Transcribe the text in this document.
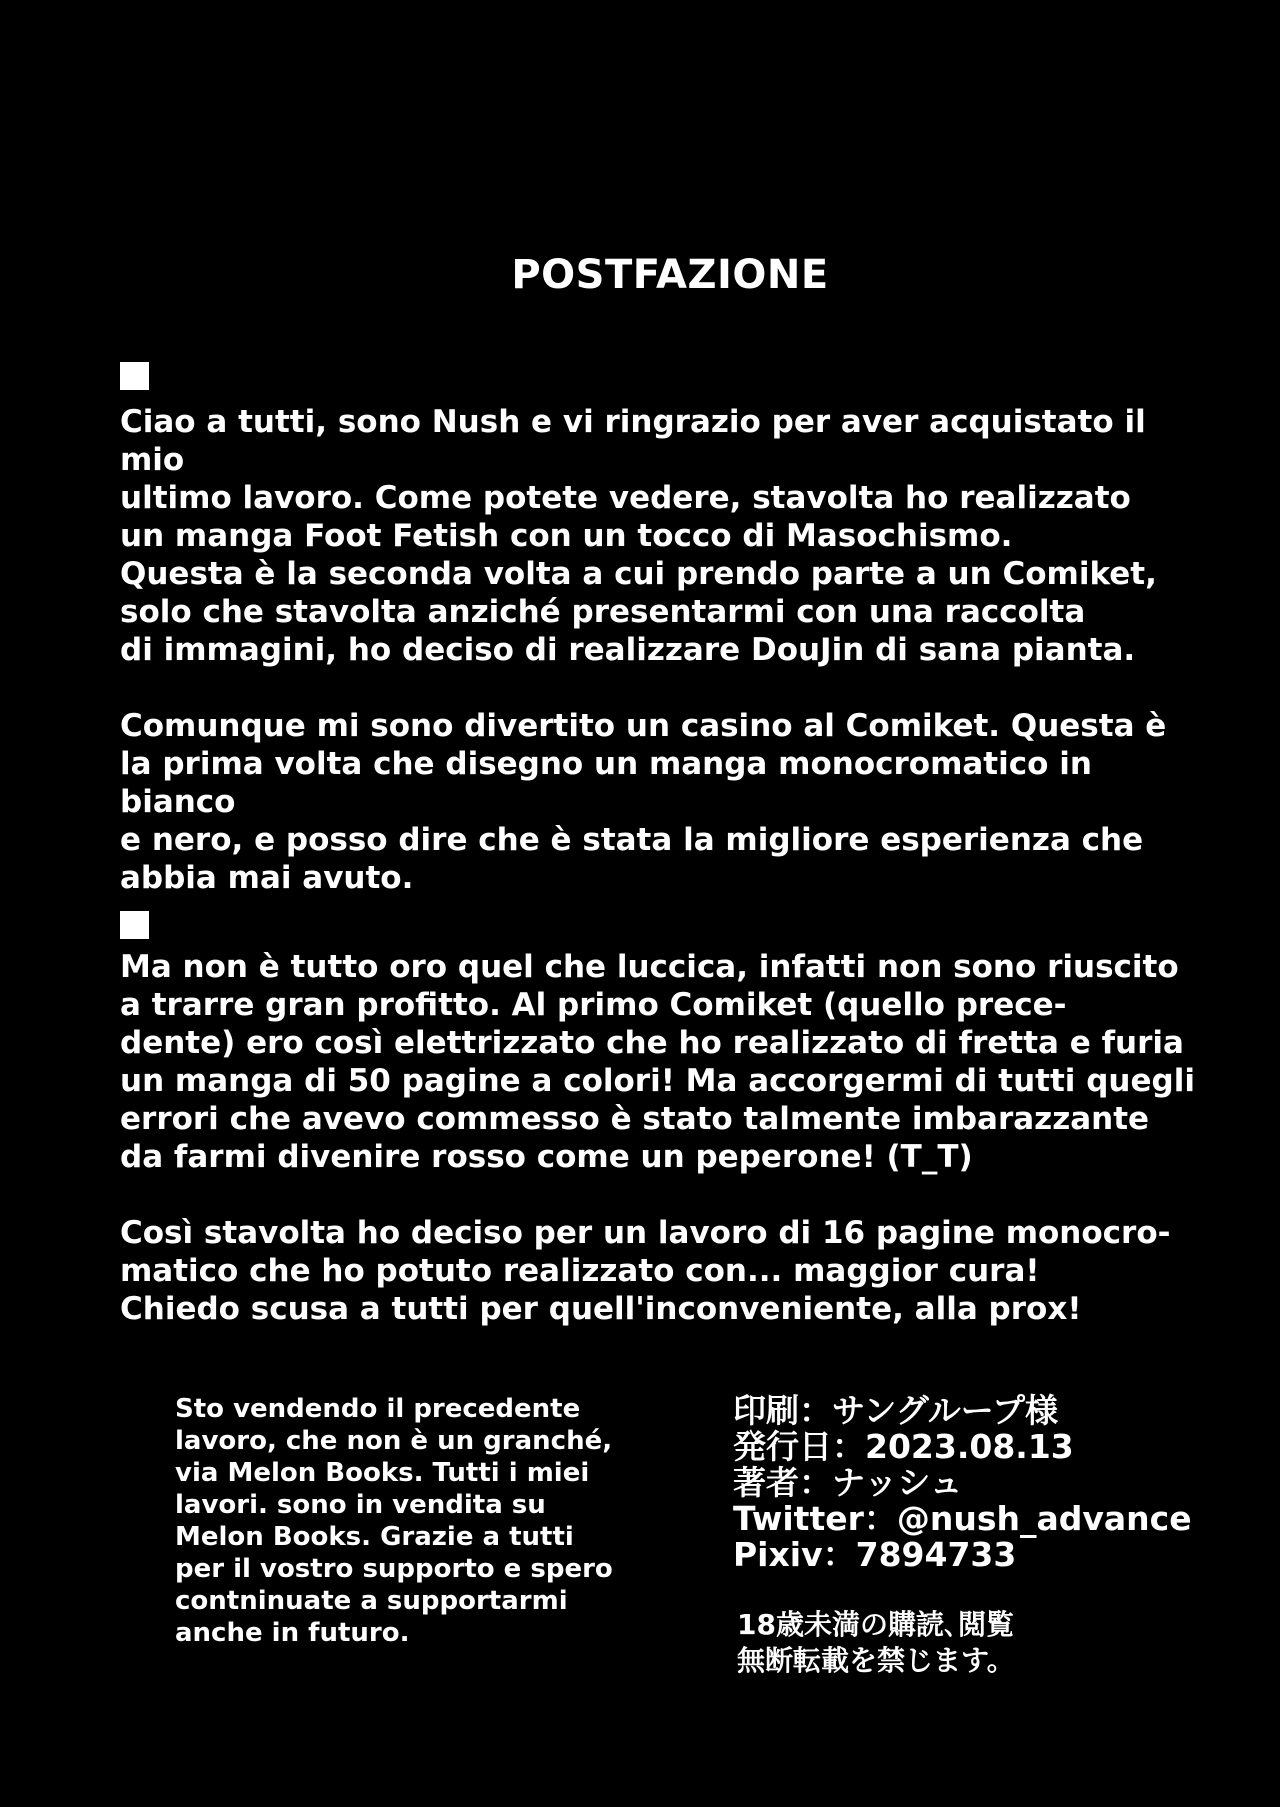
POSTFAZIONE

Ciao a tutti, sono Nush e vi ringrazio per aver acquistato il mio
ultimo lavoro. Come potete vedere, stavolta ho realizzato
un manga Foot Fetish con un tocco di Masochismo.

Questa è la seconda volta a cui prendo parte a un Comiket,
solo che stavolta anziché presentarmi con una raccolta
di immagini, ho deciso di realizzare DouJin di sana pianta.

Comunque mi sono divertito un casino al Comiket. Questa è
la prima volta che disegno un manga monocromatico in bianco
e nero, e posso dire che è stata la migliore esperienza che
abbia mai avuto.

Ma non è tutto oro quel che luccica, infatti non sono riuscito
a trarre gran profitto. Al primo Comiket (quello prece-
dente) ero così elettrizzato che ho realizzato di fretta e furia
un manga di 50 pagine a colori! Ma accorgermi di tutti quegli
errori che avevo commesso è stato talmente imbarazzante
da farmi divenire rosso come un peperone! (T_T)

Così stavolta ho deciso per un lavoro di 16 pagine monocro-
matico che ho potuto realizzato con... maggior cura!
Chiedo scusa a tutti per quell'inconveniente, alla prox!

Sto vendendo il precedente
lavoro, che non è un granché,
via Melon Books. Tutti i miei
lavori. sono in vendita su
Melon Books. Grazie a tutti
per il vostro supporto e spero
contninuate a supportarmi
anche in futuro.

印刷：サングループ様
発行日：2023.08.13
著者：ナッシュ
Twitter：@nush_advance
Pixiv：7894733

18歳未満の購読､閲覧
無断転載を禁じます。
